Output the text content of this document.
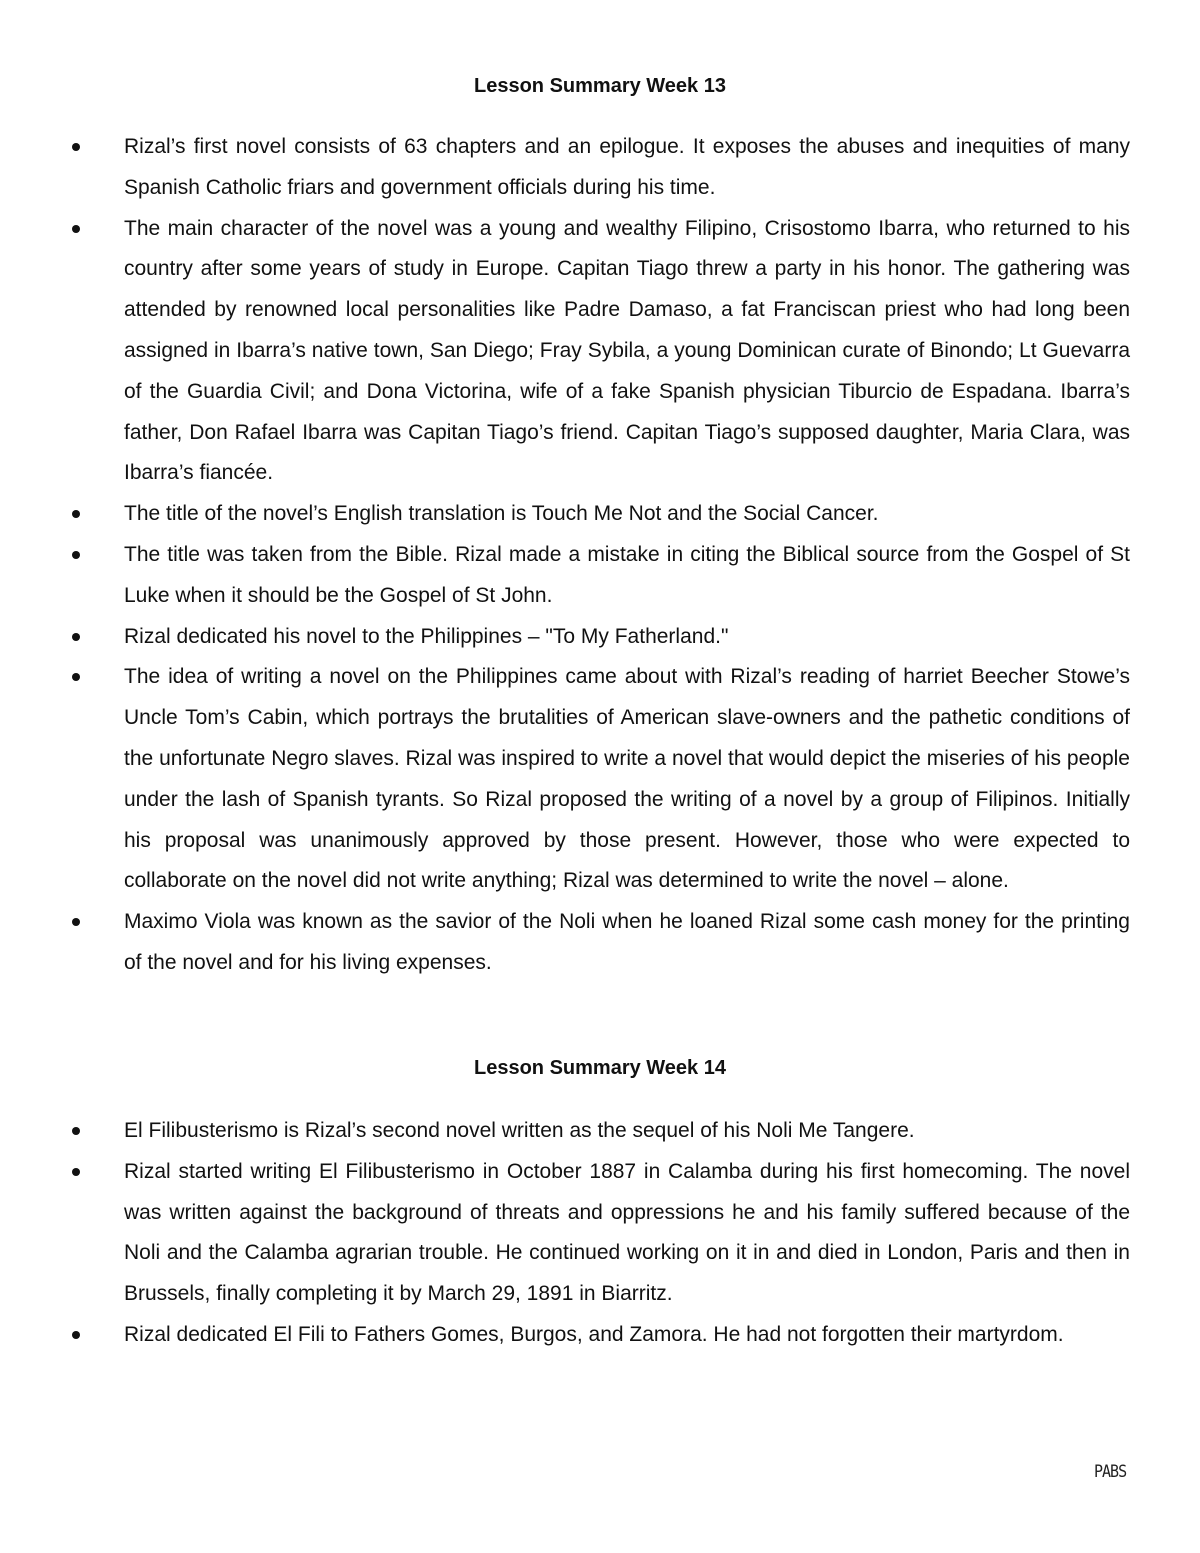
Lesson Summary Week 13
Rizal’s first novel consists of 63 chapters and an epilogue. It exposes the abuses and inequities of many Spanish Catholic friars and government officials during his time.
The main character of the novel was a young and wealthy Filipino, Crisostomo Ibarra, who returned to his country after some years of study in Europe. Capitan Tiago threw a party in his honor. The gathering was attended by renowned local personalities like Padre Damaso, a fat Franciscan priest who had long been assigned in Ibarra’s native town, San Diego; Fray Sybila, a young Dominican curate of Binondo; Lt Guevarra of the Guardia Civil; and Dona Victorina, wife of a fake Spanish physician Tiburcio de Espadana. Ibarra’s father, Don Rafael Ibarra was Capitan Tiago’s friend. Capitan Tiago’s supposed daughter, Maria Clara, was Ibarra’s fiancée.
The title of the novel’s English translation is Touch Me Not and the Social Cancer.
The title was taken from the Bible. Rizal made a mistake in citing the Biblical source from the Gospel of St Luke when it should be the Gospel of St John.
Rizal dedicated his novel to the Philippines – "To My Fatherland."
The idea of writing a novel on the Philippines came about with Rizal’s reading of harriet Beecher Stowe’s Uncle Tom’s Cabin, which portrays the brutalities of American slave-owners and the pathetic conditions of the unfortunate Negro slaves. Rizal was inspired to write a novel that would depict the miseries of his people under the lash of Spanish tyrants. So Rizal proposed the writing of a novel by a group of Filipinos. Initially his proposal was unanimously approved by those present. However, those who were expected to collaborate on the novel did not write anything; Rizal was determined to write the novel – alone.
Maximo Viola was known as the savior of the Noli when he loaned Rizal some cash money for the printing of the novel and for his living expenses.
Lesson Summary Week 14
El Filibusterismo is Rizal’s second novel written as the sequel of his Noli Me Tangere.
Rizal started writing El Filibusterismo in October 1887 in Calamba during his first homecoming. The novel was written against the background of threats and oppressions he and his family suffered because of the Noli and the Calamba agrarian trouble. He continued working on it in and died in London, Paris and then in Brussels, finally completing it by March 29, 1891 in Biarritz.
Rizal dedicated El Fili to Fathers Gomes, Burgos, and Zamora. He had not forgotten their martyrdom.
PABS
